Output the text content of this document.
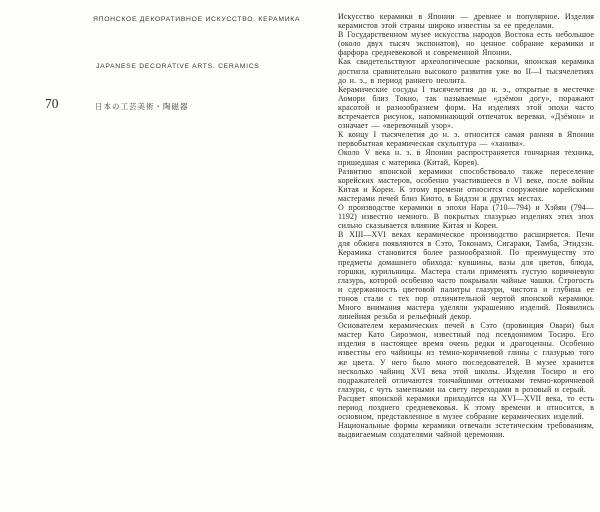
ЯПОНСКОЕ ДЕКОРАТИВНОЕ ИСКУССТВО. КЕРАМИКА
JAPANESE DECORATIVE ARTS. CERAMICS
70	日本の工芸美術・陶磁器

Искусство керамики в Японии — древнее и популярное. Изделия керамистов этой страны широко известны за ее пределами.

В Государственном музее искусства народов Востока есть небольшое (около двух тысяч экспонатов), но ценное собрание керамики и фарфора средневековой и современной Японии.

Как свидетельствуют археологические раскопки, японская керамика достигла сравнительно высокого развития уже во II—I тысячелетиях до н. э., в период раннего неолита.

Керамические сосуды I тысячелетия до н. э., открытые в местечке Аомори близ Токио, так называемые «дзёмон догу», поражают красотой и разнообразием форм. На изделиях этой эпохи часто встречается рисунок, напоминающий отпечаток веревки. «Дзёмон» и означает — «веревочный узор».

К концу I тысячелетия до н. э. относится самая ранняя в Японии первобытная керамическая скульптура — «ханива».

Около V века н. э. в Японии распространяется гончарная техника, пришедшая с материка (Китай, Корея).

Развитию японской керамики способствовало также переселение корейских мастеров, особенно участившееся в VI веке, после войны Китая и Кореи. К этому времени относится сооружение корейскими мастерами печей близ Киото, в Бидзэн и других местах.

О производстве керамики в эпохи Нара (710—794) и Хэйян (794—1192) известно немного. В покрытых глазурью изделиях этих эпох сильно сказывается влияние Китая и Кореи.

В XIII—XVI веках керамическое производство расширяется. Печи для обжига появляются в Сэто, Токонамэ, Сигараки, Тамба, Этидзэн. Керамика становится более разнообразной. По преимуществу это предметы домашнего обихода: кувшины, вазы для цветов, блюда, горшки, курильницы. Мастера стали применять густую коричневую глазурь, которой особенно часто покрывали чайные чашки. Строгость и сдержанность цветовой палитры глазури, чистота и глубина ее тонов стали с тех пор отличительной чертой японской керамики. Много внимания мастера уделяли украшению изделий. Появились линейная резьба и рельефный декор.

Основателем керамических печей в Сэто (провинция Овари) был мастер Като Сироэмон, известный под псевдонимом Тосиро. Его изделия в настоящее время очень редки и драгоценны. Особенно известны его чайницы из темно-коричневой глины с глазурью того же цвета. У него было много последователей. В музее хранится несколько чайниц XVI века этой школы. Изделия Тосиро и его подражателей отличаются тончайшими оттенками темно-коричневой глазури, с чуть заметными на свету переходами в розовый и серый.

Расцвет японской керамики приходится на XVI—XVII века, то есть период позднего средневековья. К этому времени и относится, в основном, представленное в музее собрание керамических изделий.

Национальные формы керамики отвечали эстетическим требованиям, выдвигаемым создателями чайной церемонии.
